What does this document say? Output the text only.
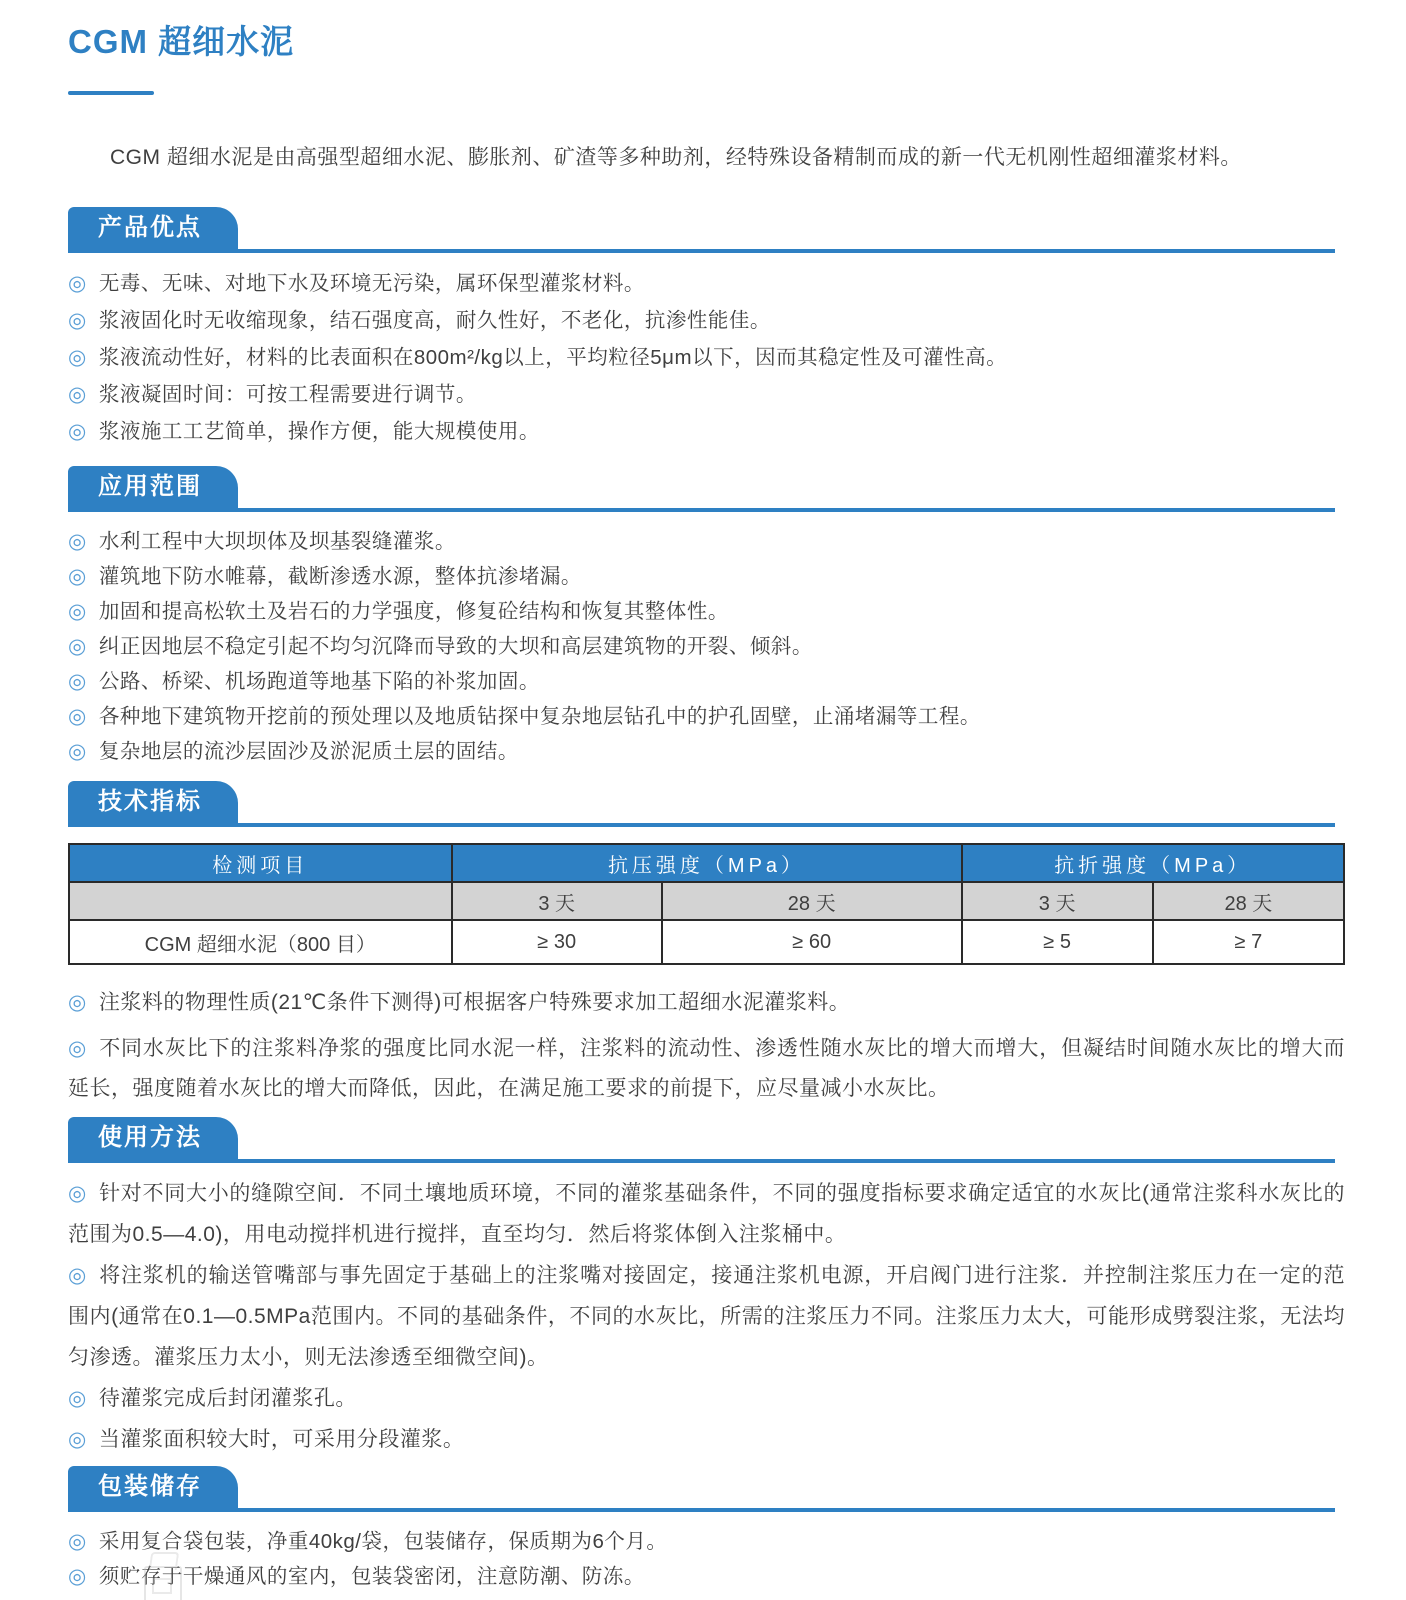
CGM 超细水泥

CGM 超细水泥是由高强型超细水泥、膨胀剂、矿渣等多种助剂，经特殊设备精制而成的新一代无机刚性超细灌浆材料。

产品优点
◎ 无毒、无味、对地下水及环境无污染，属环保型灌浆材料。
◎ 浆液固化时无收缩现象，结石强度高，耐久性好，不老化，抗渗性能佳。
◎ 浆液流动性好，材料的比表面积在800m²/kg以上，平均粒径5μm以下，因而其稳定性及可灌性高。
◎ 浆液凝固时间：可按工程需要进行调节。
◎ 浆液施工工艺简单，操作方便，能大规模使用。
应用范围
◎ 水利工程中大坝坝体及坝基裂缝灌浆。
◎ 灌筑地下防水帷幕，截断渗透水源，整体抗渗堵漏。
◎ 加固和提高松软土及岩石的力学强度，修复砼结构和恢复其整体性。
◎ 纠正因地层不稳定引起不均匀沉降而导致的大坝和高层建筑物的开裂、倾斜。
◎ 公路、桥梁、机场跑道等地基下陷的补浆加固。
◎ 各种地下建筑物开挖前的预处理以及地质钻探中复杂地层钻孔中的护孔固壁，止涌堵漏等工程。
◎ 复杂地层的流沙层固沙及淤泥质土层的固结。
技术指标
检测项目	抗压强度（MPa）		抗折强度（MPa）	
	3 天	28 天	3 天	28 天
CGM 超细水泥（800 目）	≥ 30	≥ 60	≥ 5	≥ 7

◎ 注浆料的物理性质(21℃条件下测得)可根据客户特殊要求加工超细水泥灌浆料。

◎ 不同水灰比下的注浆料净浆的强度比同水泥一样，注浆料的流动性、渗透性随水灰比的增大而增大，但凝结时间随水灰比的增大而延长，强度随着水灰比的增大而降低，因此，在满足施工要求的前提下，应尽量减小水灰比。

使用方法

◎ 针对不同大小的缝隙空间．不同土壤地质环境，不同的灌浆基础条件，不同的强度指标要求确定适宜的水灰比(通常注浆科水灰比的范围为0.5—4.0)，用电动搅拌机进行搅拌，直至均匀．然后将浆体倒入注浆桶中。

◎ 将注浆机的输送管嘴部与事先固定于基础上的注浆嘴对接固定，接通注浆机电源，开启阀门进行注浆．并控制注浆压力在一定的范围内(通常在0.1—0.5MPa范围内。不同的基础条件，不同的水灰比，所需的注浆压力不同。注浆压力太大，可能形成劈裂注浆，无法均匀渗透。灌浆压力太小，则无法渗透至细微空间)。

◎ 待灌浆完成后封闭灌浆孔。

◎ 当灌浆面积较大时，可采用分段灌浆。

包装储存
◎ 采用复合袋包装，净重40kg/袋，包装储存，保质期为6个月。
◎ 须贮存于干燥通风的室内，包装袋密闭，注意防潮、防冻。
